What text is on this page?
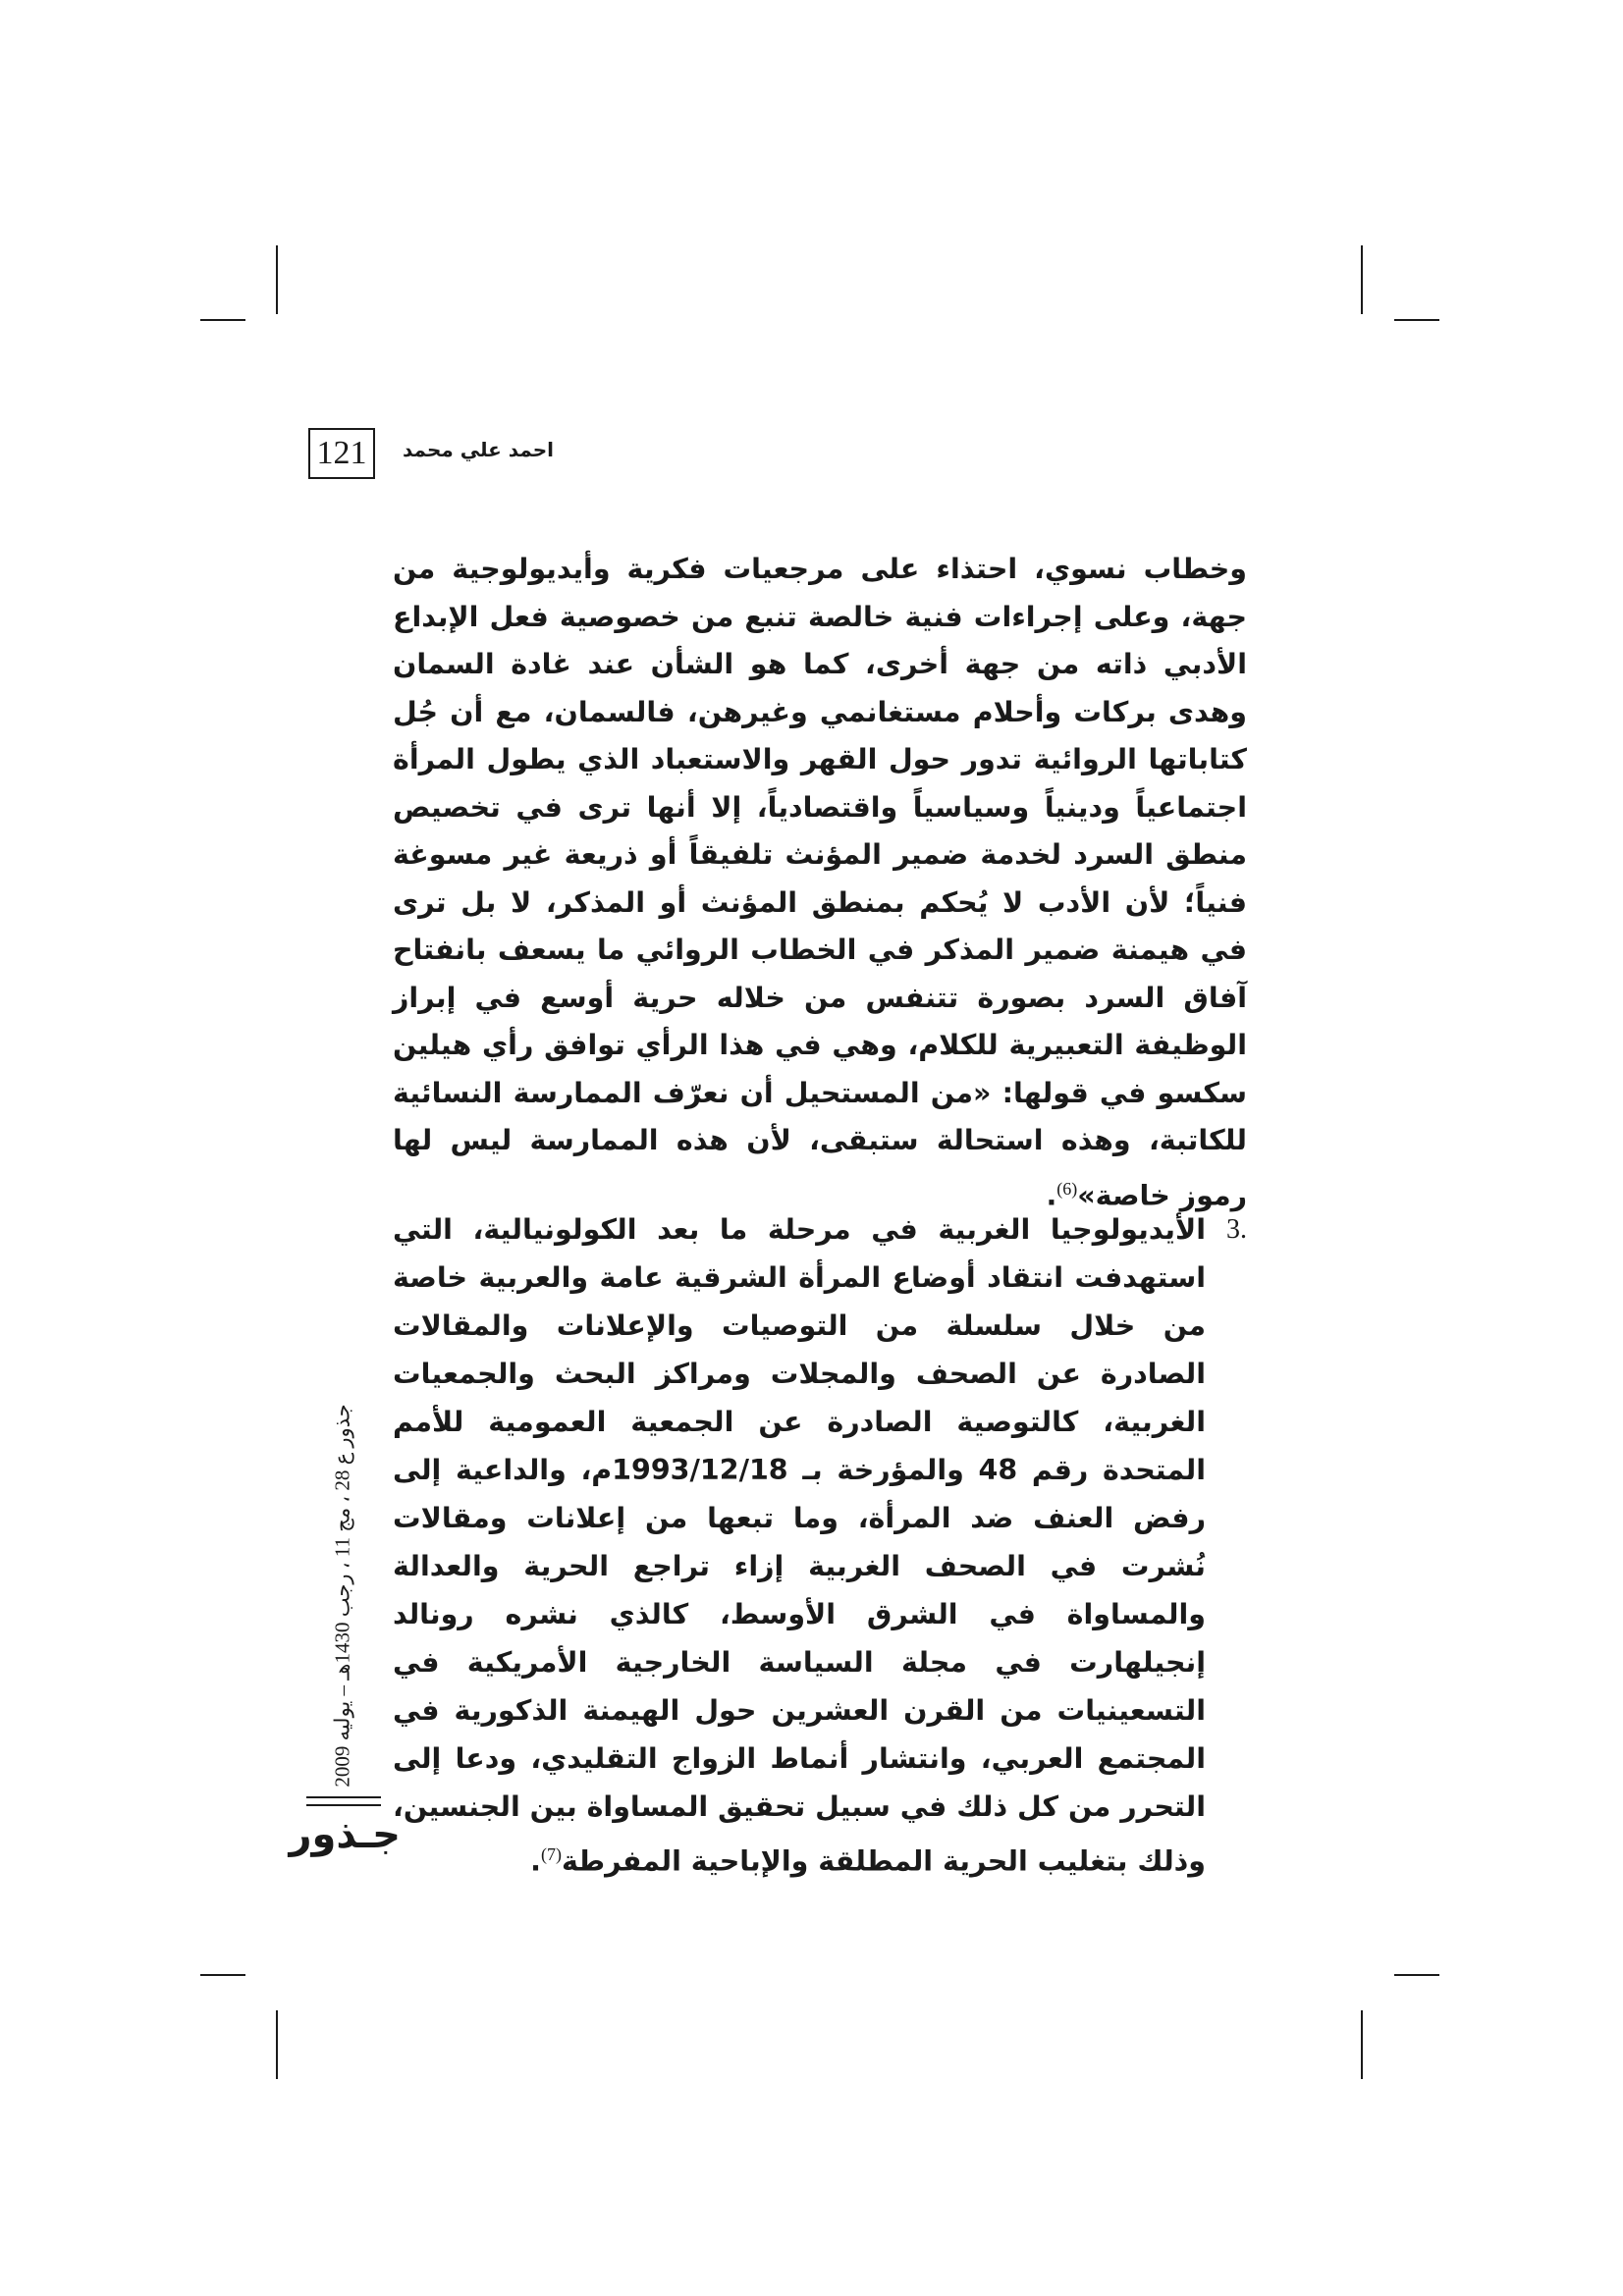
121	احمد علي محمد

وخطاب نسوي، احتذاء على مرجعيات فكرية وأيديولوجية من جهة، وعلى إجراءات فنية خالصة تنبع من خصوصية فعل الإبداع الأدبي ذاته من جهة أخرى، كما هو الشأن عند غادة السمان وهدى بركات وأحلام مستغانمي وغيرهن، فالسمان، مع أن جُل كتاباتها الروائية تدور حول القهر والاستعباد الذي يطول المرأة اجتماعياً ودينياً وسياسياً واقتصادياً، إلا أنها ترى في تخصيص منطق السرد لخدمة ضمير المؤنث تلفيقاً أو ذريعة غير مسوغة فنياً؛ لأن الأدب لا يُحكم بمنطق المؤنث أو المذكر، لا بل ترى في هيمنة ضمير المذكر في الخطاب الروائي ما يسعف بانفتاح آفاق السرد بصورة تتنفس من خلاله حرية أوسع في إبراز الوظيفة التعبيرية للكلام، وهي في هذا الرأي توافق رأي هيلين سكسو في قولها: «من المستحيل أن نعرّف الممارسة النسائية للكاتبة، وهذه استحالة ستبقى، لأن هذه الممارسة ليس لها رموز خاصة»$^{(6)}$.

.3

الأيديولوجيا الغربية في مرحلة ما بعد الكولونيالية، التي استهدفت انتقاد أوضاع المرأة الشرقية عامة والعربية خاصة من خلال سلسلة من التوصيات والإعلانات والمقالات الصادرة عن الصحف والمجلات ومراكز البحث والجمعيات الغربية، كالتوصية الصادرة عن الجمعية العمومية للأمم المتحدة رقم 48 والمؤرخة بـ 1993/12/18م، والداعية إلى رفض العنف ضد المرأة، وما تبعها من إعلانات ومقالات نُشرت في الصحف الغربية إزاء تراجع الحرية والعدالة والمساواة في الشرق الأوسط، كالذي نشره رونالد إنجيلهارت في مجلة السياسة الخارجية الأمريكية في التسعينيات من القرن العشرين حول الهيمنة الذكورية في المجتمع العربي، وانتشار أنماط الزواج التقليدي، ودعا إلى التحرر من كل ذلك في سبيل تحقيق المساواة بين الجنسين، وذلك بتغليب الحرية المطلقة والإباحية المفرطة$^{(7)}$.

جذور ع 28 ، مج 11 ، رجب 1430هـ – يوليه 2009
جـذور
